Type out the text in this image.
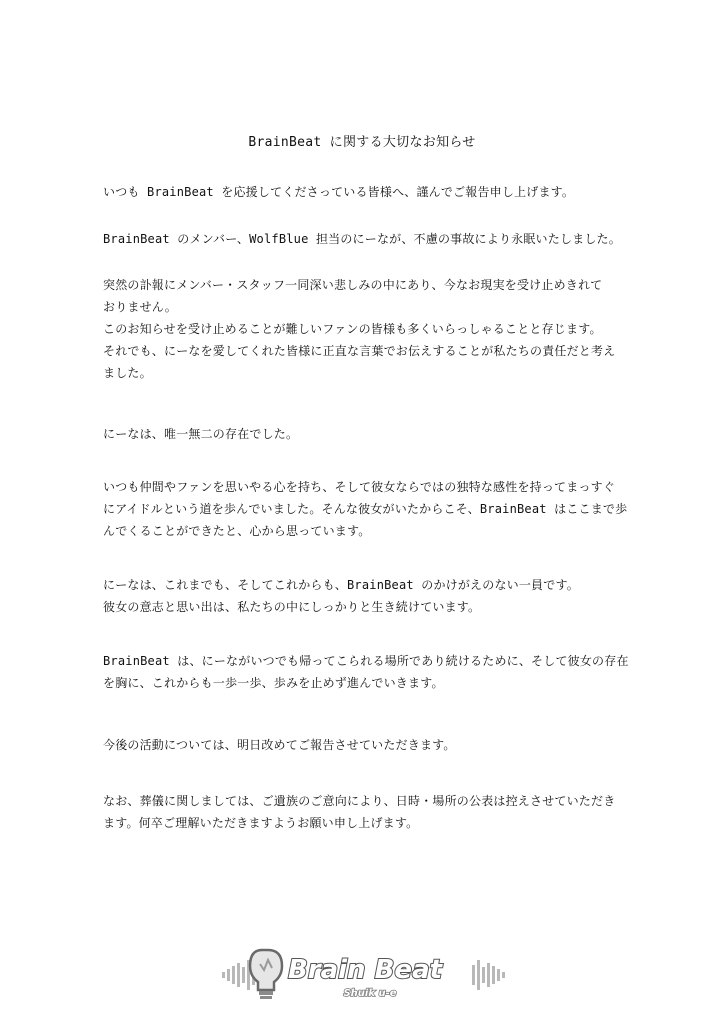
BrainBeat に関する大切なお知らせ

いつも BrainBeat を応援してくださっている皆様へ、謹んでご報告申し上げます。

BrainBeat のメンバー、WolfBlue 担当のにーなが、不慮の事故により永眠いたしました。

突然の訃報にメンバー・スタッフ一同深い悲しみの中にあり、今なお現実を受け止めきれて
おりません。
このお知らせを受け止めることが難しいファンの皆様も多くいらっしゃることと存じます。
それでも、にーなを愛してくれた皆様に正直な言葉でお伝えすることが私たちの責任だと考え
ました。

にーなは、唯一無二の存在でした。

いつも仲間やファンを思いやる心を持ち、そして彼女ならではの独特な感性を持ってまっすぐ
にアイドルという道を歩んでいました。そんな彼女がいたからこそ、BrainBeat はここまで歩
んでくることができたと、心から思っています。

にーなは、これまでも、そしてこれからも、BrainBeat のかけがえのない一員です。
彼女の意志と思い出は、私たちの中にしっかりと生き続けています。

BrainBeat は、にーながいつでも帰ってこられる場所であり続けるために、そして彼女の存在
を胸に、これからも一歩一歩、歩みを止めず進んでいきます。

今後の活動については、明日改めてご報告させていただきます。

なお、葬儀に関しましては、ご遺族のご意向により、日時・場所の公表は控えさせていただき
ます。何卒ご理解いただきますようお願い申し上げます。

Brain Beat
Shuik u-e
